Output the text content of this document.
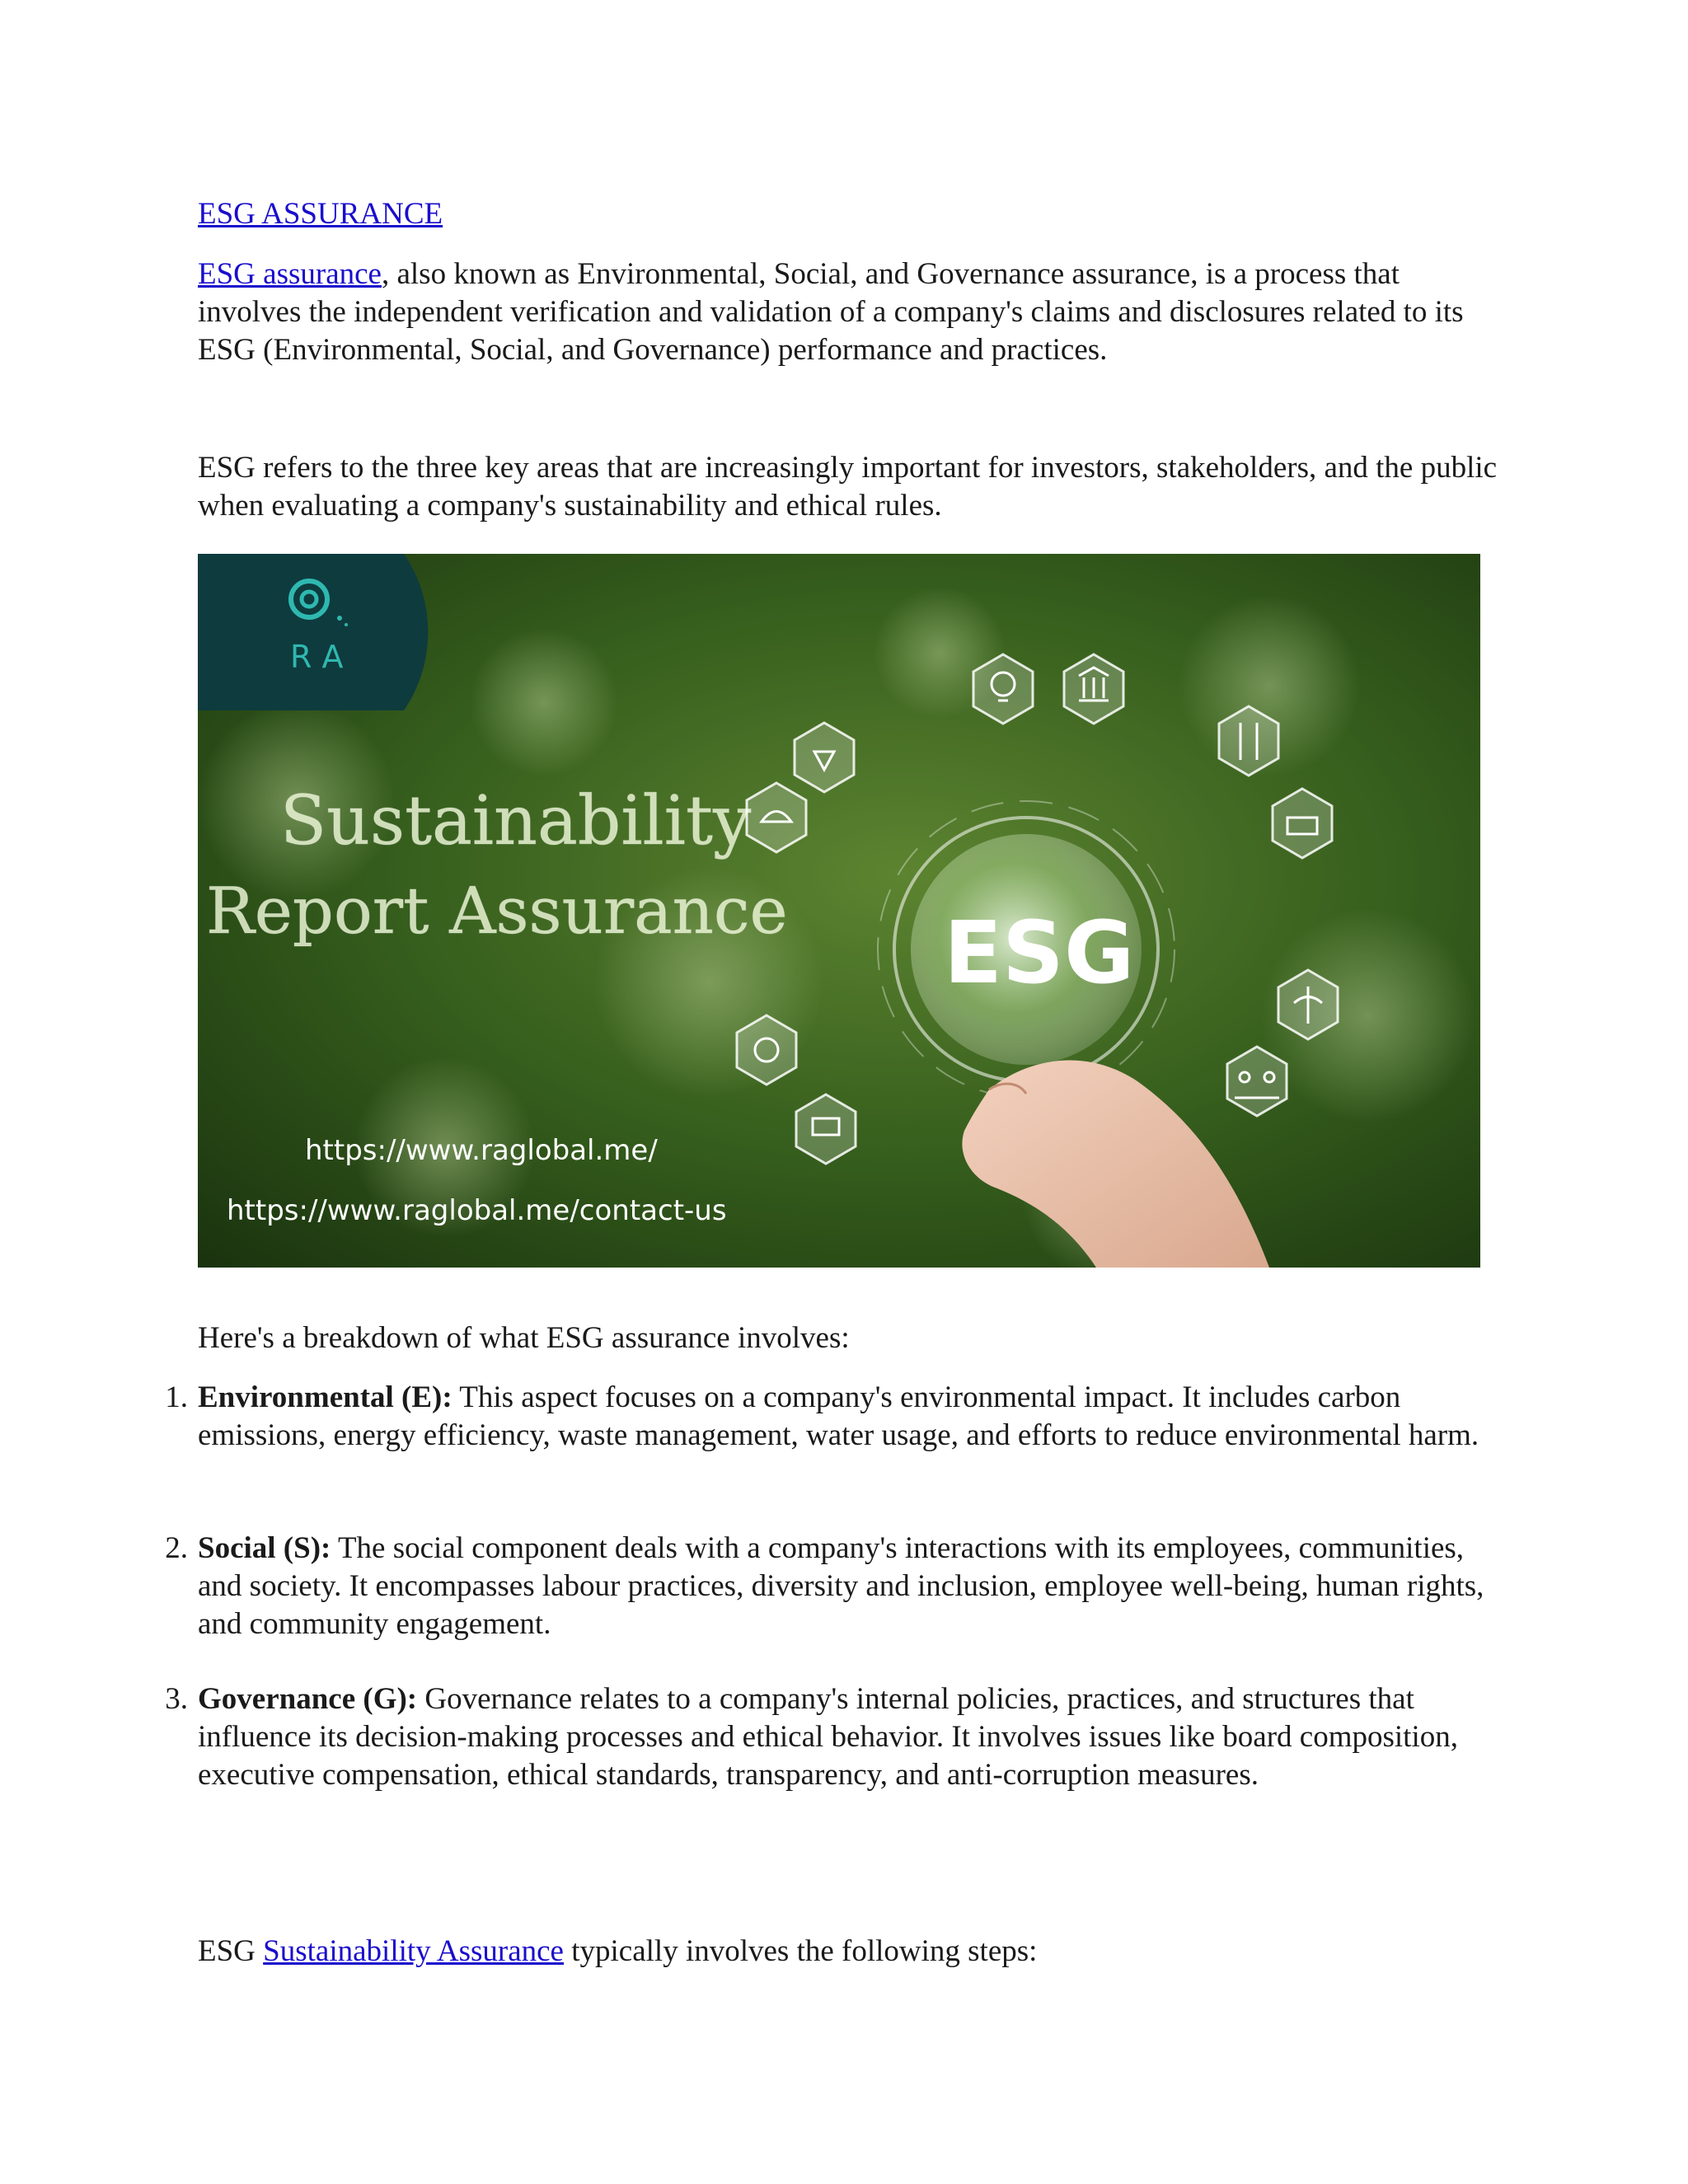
ESG ASSURANCE
ESG assurance, also known as Environmental, Social, and Governance assurance, is a process that involves the independent verification and validation of a company's claims and disclosures related to its ESG (Environmental, Social, and Governance) performance and practices.
ESG refers to the three key areas that are increasingly important for investors, stakeholders, and the public when evaluating a company's sustainability and ethical rules.
R A
Sustainability
Report Assurance ESG
https://www.raglobal.me/
https://www.raglobal.me/contact-us
Here's a breakdown of what ESG assurance involves:
1. Environmental (E): This aspect focuses on a company's environmental impact. It includes carbon emissions, energy efficiency, waste management, water usage, and efforts to reduce environmental harm.
2. Social (S): The social component deals with a company's interactions with its employees, communities, and society. It encompasses labour practices, diversity and inclusion, employee well-being, human rights, and community engagement.
3. Governance (G): Governance relates to a company's internal policies, practices, and structures that influence its decision-making processes and ethical behavior. It involves issues like board composition, executive compensation, ethical standards, transparency, and anti-corruption measures.
ESG Sustainability Assurance typically involves the following steps:
